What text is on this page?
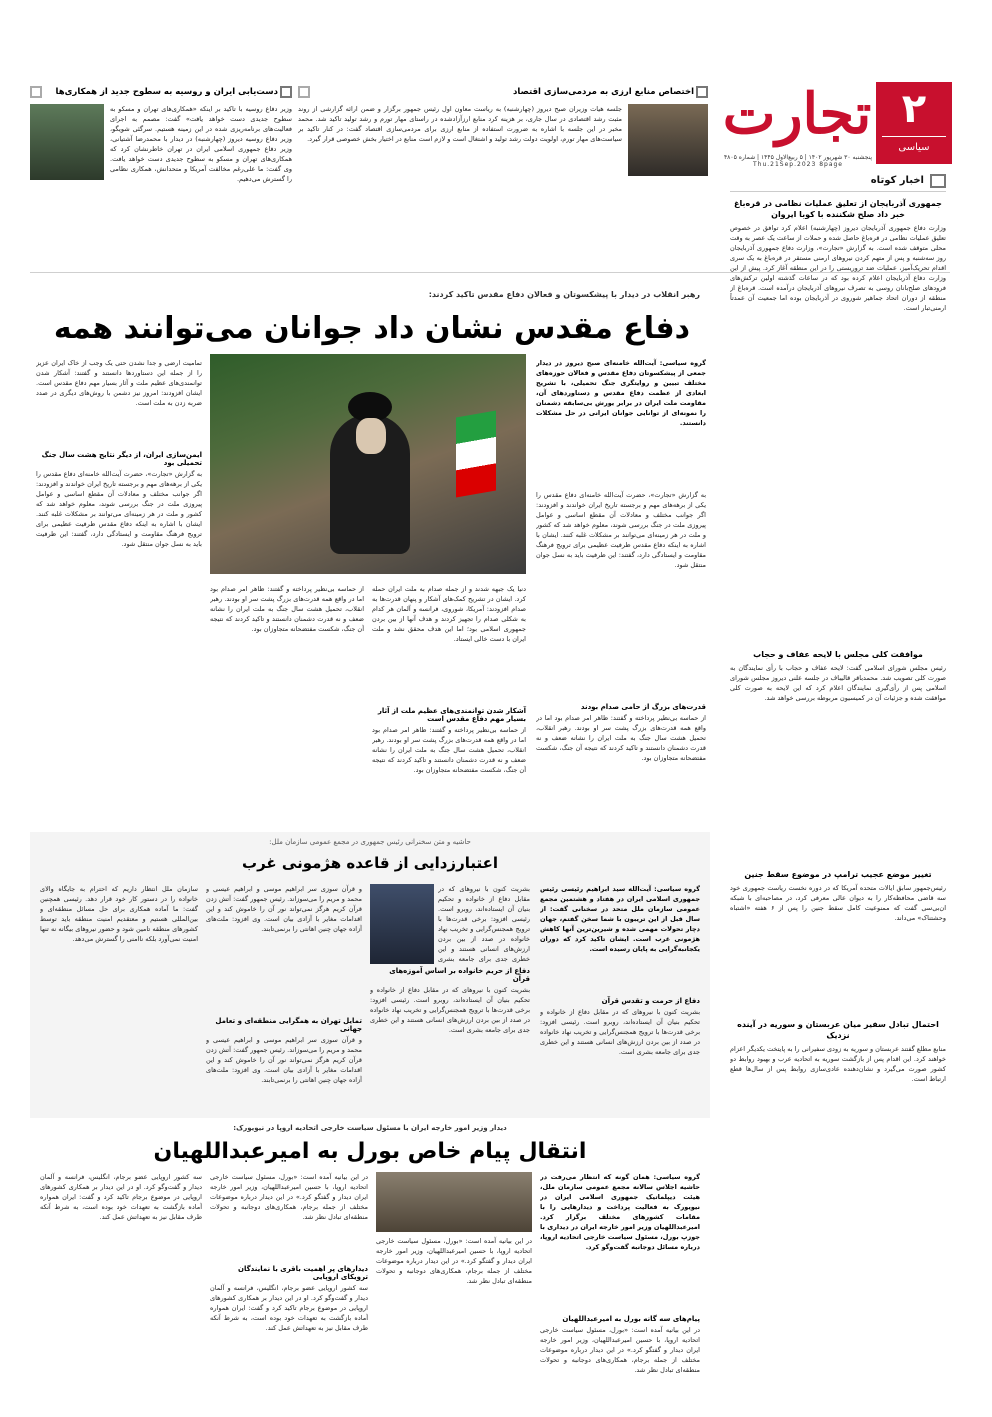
۲
سیاسی
تجارت
پنجشنبه ۳۰ شهریور ۱۴۰۲ | ۵ ربیع‌الاول ۱۴۴۵ | شماره ۴۸۰۵
Thu.21Sep.2023 8page
اخبار کوتاه
جمهوری آذربایجان از تعلیق عملیات نظامی در قره‌باغ خبر داد صلح شکننده با کوبا ایروان
وزارت دفاع جمهوری آذربایجان دیروز (چهارشنبه) اعلام کرد توافق در خصوص تعلیق عملیات نظامی در قره‌باغ حاصل شده و حملات از ساعت یک عصر به وقت محلی متوقف شده است. به گزارش «تجارت»، وزارت دفاع جمهوری آذربایجان روز سه‌شنبه و پس از متهم کردن نیروهای ارمنی مستقر در قره‌باغ به یک سری اقدام تحریک‌آمیز، عملیات ضد تروریستی را در این منطقه آغاز کرد. پیش از این وزارت دفاع آذربایجان اعلام کرده بود که در ساعات گذشته اولین ترکش‌های فرودهای صلح‌بانان روسی به تصرف نیروهای آذربایجان درآمده است. قره‌باغ از منطقه از دوران اتحاد جماهیر شوروی در آذربایجان بوده اما جمعیت آن عمدتاً ارمنی‌تبار است.
موافقت کلی مجلس با لایحه عفاف و حجاب
رئیس مجلس شورای اسلامی گفت: لایحه عفاف و حجاب با رأی نمایندگان به صورت کلی تصویب شد. محمدباقر قالیباف در جلسه علنی دیروز مجلس شورای اسلامی پس از رأی‌گیری نمایندگان اعلام کرد که این لایحه به صورت کلی موافقت شده و جزئیات آن در کمیسیون مربوطه بررسی خواهد شد.
تغییر موضع عجیب ترامپ در موضوع سقط جنین
رئیس‌جمهور سابق ایالات متحده آمریکا که در دوره نخست ریاست جمهوری خود سه قاضی محافظه‌کار را به دیوان عالی معرفی کرد، در مصاحبه‌ای با شبکه ان‌بی‌سی گفت که ممنوعیت کامل سقط جنین را پس از ۶ هفته «اشتباه وحشتناک» می‌داند.
احتمال تبادل سفیر میان عربستان و سوریه در آینده نزدیک
منابع مطلع گفتند عربستان و سوریه به زودی سفیرانی را به پایتخت یکدیگر اعزام خواهند کرد. این اقدام پس از بازگشت سوریه به اتحادیه عرب و بهبود روابط دو کشور صورت می‌گیرد و نشان‌دهنده عادی‌سازی روابط پس از سال‌ها قطع ارتباط است.
اختصاص منابع ارزی به مردمی‌سازی اقتصاد
جلسه هیات وزیران صبح دیروز (چهارشنبه) به ریاست معاون اول رئیس جمهور برگزار و ضمن ارائه گزارشی از روند مثبت رشد اقتصادی در سال جاری، بر هزینه کرد منابع ارزآزادشده در راستای مهار تورم و رشد تولید تاکید شد. محمد مخبر در این جلسه با اشاره به ضرورت استفاده از منابع ارزی برای مردمی‌سازی اقتصاد گفت: در کنار تاکید بر سیاست‌های مهار تورم، اولویت دولت رشد تولید و اشتغال است و لازم است منابع در اختیار بخش خصوصی قرار گیرد.
دست‌یابی ایران و روسیه به سطوح جدید از همکاری‌ها
وزیر دفاع روسیه با تاکید بر اینکه «همکاری‌های تهران و مسکو به سطوح جدیدی دست خواهد یافت» گفت: مصمم به اجرای فعالیت‌های برنامه‌ریزی شده در این زمینه هستیم. سرگئی شویگو، وزیر دفاع روسیه دیروز (چهارشنبه) در دیدار با محمدرضا آشتیانی، وزیر دفاع جمهوری اسلامی ایران در تهران خاطرنشان کرد که همکاری‌های تهران و مسکو به سطوح جدیدی دست خواهد یافت. وی گفت: ما علی‌رغم مخالفت آمریکا و متحدانش، همکاری نظامی را گسترش می‌دهیم.
رهبر انقلاب در دیدار با پیشکسوتان و فعالان دفاع مقدس تاکید کردند:
دفاع مقدس نشان داد جوانان می‌توانند همه
گروه سیاسی: آیت‌الله خامنه‌ای صبح دیروز در دیدار جمعی از پیشکسوتان دفاع مقدس و فعالان حوزه‌های مختلف تبیین و روایتگری جنگ تحمیلی، با تشریح ابعادی از عظمت دفاع مقدس و دستاوردهای آن، مقاومت ملت ایران در برابر یورش بی‌سابقه دشمنان را نمونه‌ای از توانایی جوانان ایرانی در حل مشکلات دانستند.
به گزارش «تجارت»، حضرت آیت‌الله خامنه‌ای دفاع مقدس را یکی از برهه‌های مهم و برجسته تاریخ ایران خواندند و افزودند: اگر جوانب مختلف و معادلات آن مقطع اساسی و عوامل پیروزی ملت در جنگ بررسی شوند، معلوم خواهد شد که کشور و ملت در هر زمینه‌ای می‌توانند بر مشکلات غلبه کنند. ایشان با اشاره به اینکه دفاع مقدس ظرفیت عظیمی برای ترویج فرهنگ مقاومت و ایستادگی دارد، گفتند: این ظرفیت باید به نسل جوان منتقل شود.
قدرت‌های بزرگ از حامی صدام بودند
از حماسه بی‌نظیر پرداخته و گفتند: ظاهر امر صدام بود اما در واقع همه قدرت‌های بزرگ پشت سر او بودند. رهبر انقلاب، تحمیل هشت سال جنگ به ملت ایران را نشانه ضعف و نه قدرت دشمنان دانستند و تاکید کردند که نتیجه آن جنگ، شکست مفتضحانه متجاوزان بود.
دنیا یک جبهه شدند و از جمله صدام به ملت ایران حمله کرد. ایشان در تشریح کمک‌های آشکار و پنهان قدرت‌ها به صدام افزودند: آمریکا، شوروی، فرانسه و آلمان هر کدام به شکلی صدام را تجهیز کردند و هدف آنها از بین بردن جمهوری اسلامی بود؛ اما این هدف محقق نشد و ملت ایران با دست خالی ایستاد.
آشکار شدن توانمندی‌های عظیم ملت از آثار بسیار مهم دفاع مقدس است
از حماسه بی‌نظیر پرداخته و گفتند: ظاهر امر صدام بود اما در واقع همه قدرت‌های بزرگ پشت سر او بودند. رهبر انقلاب، تحمیل هشت سال جنگ به ملت ایران را نشانه ضعف و نه قدرت دشمنان دانستند و تاکید کردند که نتیجه آن جنگ، شکست مفتضحانه متجاوزان بود.
از حماسه بی‌نظیر پرداخته و گفتند: ظاهر امر صدام بود اما در واقع همه قدرت‌های بزرگ پشت سر او بودند. رهبر انقلاب، تحمیل هشت سال جنگ به ملت ایران را نشانه ضعف و نه قدرت دشمنان دانستند و تاکید کردند که نتیجه آن جنگ، شکست مفتضحانه متجاوزان بود.
تمامیت ارضی و جدا نشدن حتی یک وجب از خاک ایران عزیز را از جمله این دستاوردها دانستند و گفتند: آشکار شدن توانمندی‌های عظیم ملت و آثار بسیار مهم دفاع مقدس است. ایشان افزودند: امروز نیز دشمن با روش‌های دیگری در صدد ضربه زدن به ملت است.
ایمن‌سازی ایران، از دیگر نتایج هشت سال جنگ تحمیلی بود
به گزارش «تجارت»، حضرت آیت‌الله خامنه‌ای دفاع مقدس را یکی از برهه‌های مهم و برجسته تاریخ ایران خواندند و افزودند: اگر جوانب مختلف و معادلات آن مقطع اساسی و عوامل پیروزی ملت در جنگ بررسی شوند، معلوم خواهد شد که کشور و ملت در هر زمینه‌ای می‌توانند بر مشکلات غلبه کنند. ایشان با اشاره به اینکه دفاع مقدس ظرفیت عظیمی برای ترویج فرهنگ مقاومت و ایستادگی دارد، گفتند: این ظرفیت باید به نسل جوان منتقل شود.
حاشیه و متن سخنرانی رئیس جمهوری در مجمع عمومی سازمان ملل:
اعتبارزدایی از قاعده هژمونی غرب
گروه سیاسی: آیت‌الله سید ابراهیم رئیسی رئیس جمهوری اسلامی ایران در هفتاد و هشتمین مجمع عمومی سازمان ملل متحد در سخنانی گفت: از سال قبل از این تریبون با شما سخن گفتم، جهان دچار تحولات مهمی شده و شیرین‌ترین آنها کاهش هژمونی غرب است. ایشان تاکید کرد که دوران یکجانبه‌گرایی به پایان رسیده است.
دفاع از حرمت و تقدس قرآن
بشریت کنون با نیروهای که در مقابل دفاع از خانواده و تحکیم بنیان آن ایستاده‌اند، روبرو است. رئیسی افزود: برخی قدرت‌ها با ترویج همجنس‌گرایی و تخریب نهاد خانواده در صدد از بین بردن ارزش‌های انسانی هستند و این خطری جدی برای جامعه بشری است.
بشریت کنون با نیروهای که در مقابل دفاع از خانواده و تحکیم بنیان آن ایستاده‌اند، روبرو است. رئیسی افزود: برخی قدرت‌ها با ترویج همجنس‌گرایی و تخریب نهاد خانواده در صدد از بین بردن ارزش‌های انسانی هستند و این خطری جدی برای جامعه بشری
دفاع از حریم خانواده بر اساس آموزه‌های قرآن
بشریت کنون با نیروهای که در مقابل دفاع از خانواده و تحکیم بنیان آن ایستاده‌اند، روبرو است. رئیسی افزود: برخی قدرت‌ها با ترویج همجنس‌گرایی و تخریب نهاد خانواده در صدد از بین بردن ارزش‌های انسانی هستند و این خطری جدی برای جامعه بشری است.
و قرآن سوزی سر ابراهیم موسی و ابراهیم عیسی و محمد و مریم را می‌سوزاند. رئیس جمهور گفت: آتش زدن قرآن کریم هرگز نمی‌تواند نور آن را خاموش کند و این اقدامات مغایر با آزادی بیان است. وی افزود: ملت‌های آزاده جهان چنین اهانتی را برنمی‌تابند.
تمایل تهران به همگرایی منطقه‌ای و تعامل جهانی
و قرآن سوزی سر ابراهیم موسی و ابراهیم عیسی و محمد و مریم را می‌سوزاند. رئیس جمهور گفت: آتش زدن قرآن کریم هرگز نمی‌تواند نور آن را خاموش کند و این اقدامات مغایر با آزادی بیان است. وی افزود: ملت‌های آزاده جهان چنین اهانتی را برنمی‌تابند.
سازمان ملل انتظار داریم که احترام به جایگاه والای خانواده را در دستور کار خود قرار دهد. رئیسی همچنین گفت: ما آماده همکاری برای حل مسائل منطقه‌ای و بین‌المللی هستیم و معتقدیم امنیت منطقه باید توسط کشورهای منطقه تامین شود و حضور نیروهای بیگانه نه تنها امنیت نمی‌آورد بلکه ناامنی را گسترش می‌دهد.
دیدار وزیر امور خارجه ایران با مسئول سیاست خارجی اتحادیه اروپا در نیویورک:
انتقال پیام خاص بورل به امیرعبداللهیان
گروه سیاسی: همان گونه که انتظار می‌رفت در حاشیه اجلاس سالانه مجمع عمومی سازمان ملل، هیئت دیپلماتیک جمهوری اسلامی ایران در نیویورک به فعالیت پرداخت و دیدارهایی را با مقامات کشورهای مختلف برگزار کرد. امیرعبداللهیان وزیر امور خارجه ایران در دیداری با جوزپ بورل، مسئول سیاست خارجی اتحادیه اروپا، درباره مسائل دوجانبه گفت‌وگو کرد.
پیام‌های سه گانه بورل به امیرعبداللهیان
در این بیانیه آمده است: «بورل، مسئول سیاست خارجی اتحادیه اروپا، با حسین امیرعبداللهیان، وزیر امور خارجه ایران دیدار و گفتگو کرد.» در این دیدار درباره موضوعات مختلف از جمله برجام، همکاری‌های دوجانبه و تحولات منطقه‌ای تبادل نظر شد.
در این بیانیه آمده است: «بورل، مسئول سیاست خارجی اتحادیه اروپا، با حسین امیرعبداللهیان، وزیر امور خارجه ایران دیدار و گفتگو کرد.» در این دیدار درباره موضوعات مختلف از جمله برجام، همکاری‌های دوجانبه و تحولات منطقه‌ای تبادل نظر شد.
در این بیانیه آمده است: «بورل، مسئول سیاست خارجی اتحادیه اروپا، با حسین امیرعبداللهیان، وزیر امور خارجه ایران دیدار و گفتگو کرد.» در این دیدار درباره موضوعات مختلف از جمله برجام، همکاری‌های دوجانبه و تحولات منطقه‌ای تبادل نظر شد.
دیدارهای پر اهمیت باقری با نمایندگان ترویکای اروپایی
سه کشور اروپایی عضو برجام، انگلیس، فرانسه و آلمان دیدار و گفت‌وگو کرد. او در این دیدار بر همکاری کشورهای اروپایی در موضوع برجام تاکید کرد و گفت: ایران همواره آماده بازگشت به تعهدات خود بوده است، به شرط آنکه طرف مقابل نیز به تعهداتش عمل کند.
سه کشور اروپایی عضو برجام، انگلیس، فرانسه و آلمان دیدار و گفت‌وگو کرد. او در این دیدار بر همکاری کشورهای اروپایی در موضوع برجام تاکید کرد و گفت: ایران همواره آماده بازگشت به تعهدات خود بوده است، به شرط آنکه طرف مقابل نیز به تعهداتش عمل کند.
